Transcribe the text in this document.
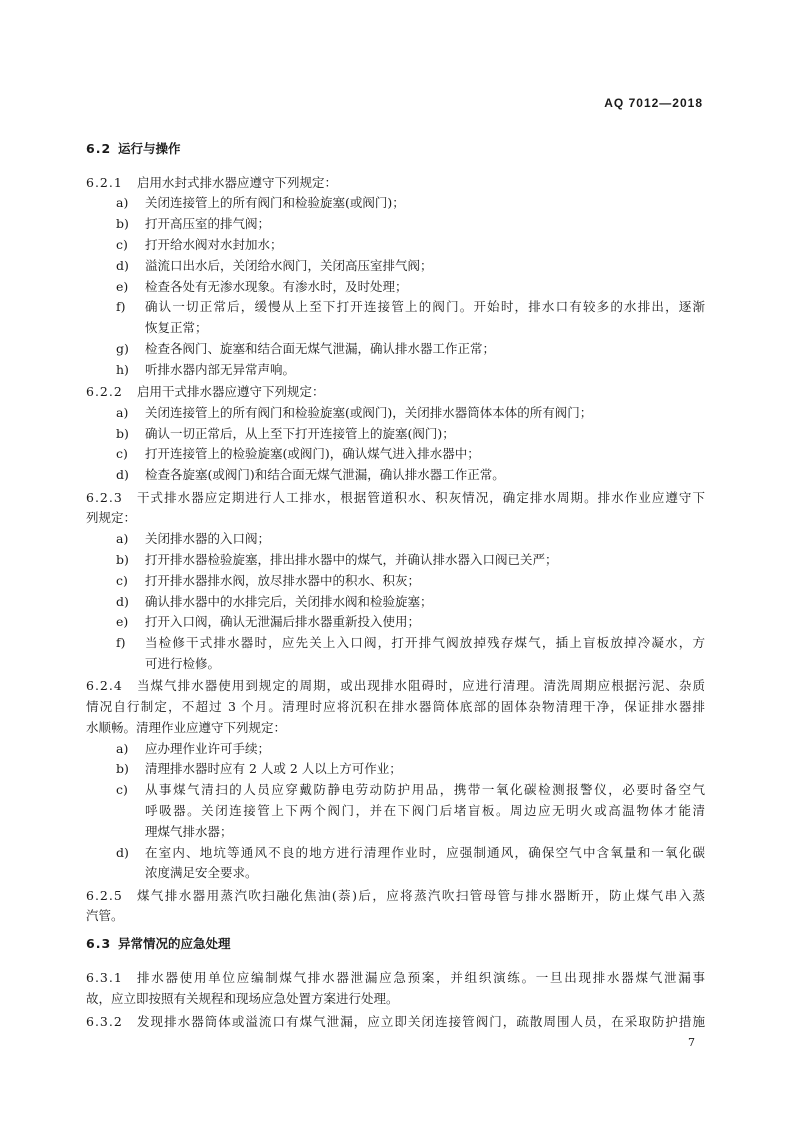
AQ 7012—2018
6.2 运行与操作
6.2.1	启用水封式排水器应遵守下列规定：
a)	关闭连接管上的所有阀门和检验旋塞(或阀门)；
b)	打开高压室的排气阀；
c)	打开给水阀对水封加水；
d)	溢流口出水后，关闭给水阀门，关闭高压室排气阀；
e)	检查各处有无渗水现象。有渗水时，及时处理；
f)	确认一切正常后，缓慢从上至下打开连接管上的阀门。开始时，排水口有较多的水排出，逐渐
恢复正常；
g)	检查各阀门、旋塞和结合面无煤气泄漏，确认排水器工作正常；
h)	听排水器内部无异常声响。
6.2.2	启用干式排水器应遵守下列规定：
a)	关闭连接管上的所有阀门和检验旋塞(或阀门)，关闭排水器筒体本体的所有阀门；
b)	确认一切正常后，从上至下打开连接管上的旋塞(阀门)；
c)	打开连接管上的检验旋塞(或阀门)，确认煤气进入排水器中；
d)	检查各旋塞(或阀门)和结合面无煤气泄漏，确认排水器工作正常。
6.2.3	干式排水器应定期进行人工排水，根据管道积水、积灰情况，确定排水周期。排水作业应遵守下
列规定：
a)	关闭排水器的入口阀；
b)	打开排水器检验旋塞，排出排水器中的煤气，并确认排水器入口阀已关严；
c)	打开排水器排水阀，放尽排水器中的积水、积灰；
d)	确认排水器中的水排完后，关闭排水阀和检验旋塞；
e)	打开入口阀，确认无泄漏后排水器重新投入使用；
f)	当检修干式排水器时，应先关上入口阀，打开排气阀放掉残存煤气，插上盲板放掉冷凝水，方
可进行检修。
6.2.4	当煤气排水器使用到规定的周期，或出现排水阻碍时，应进行清理。清洗周期应根据污泥、杂质
情况自行制定，不超过 3 个月。清理时应将沉积在排水器筒体底部的固体杂物清理干净，保证排水器排
水顺畅。清理作业应遵守下列规定：
a)	应办理作业许可手续；
b)	清理排水器时应有 2 人或 2 人以上方可作业；
c)	从事煤气清扫的人员应穿戴防静电劳动防护用品，携带一氧化碳检测报警仪，必要时备空气
呼吸器。关闭连接管上下两个阀门，并在下阀门后堵盲板。周边应无明火或高温物体才能清
理煤气排水器；
d)	在室内、地坑等通风不良的地方进行清理作业时，应强制通风，确保空气中含氧量和一氧化碳
浓度满足安全要求。
6.2.5	煤气排水器用蒸汽吹扫融化焦油(萘)后，应将蒸汽吹扫管母管与排水器断开，防止煤气串入蒸
汽管。
6.3 异常情况的应急处理
6.3.1	排水器使用单位应编制煤气排水器泄漏应急预案，并组织演练。一旦出现排水器煤气泄漏事
故，应立即按照有关规程和现场应急处置方案进行处理。
6.3.2	发现排水器筒体或溢流口有煤气泄漏，应立即关闭连接管阀门，疏散周围人员，在采取防护措施
7
